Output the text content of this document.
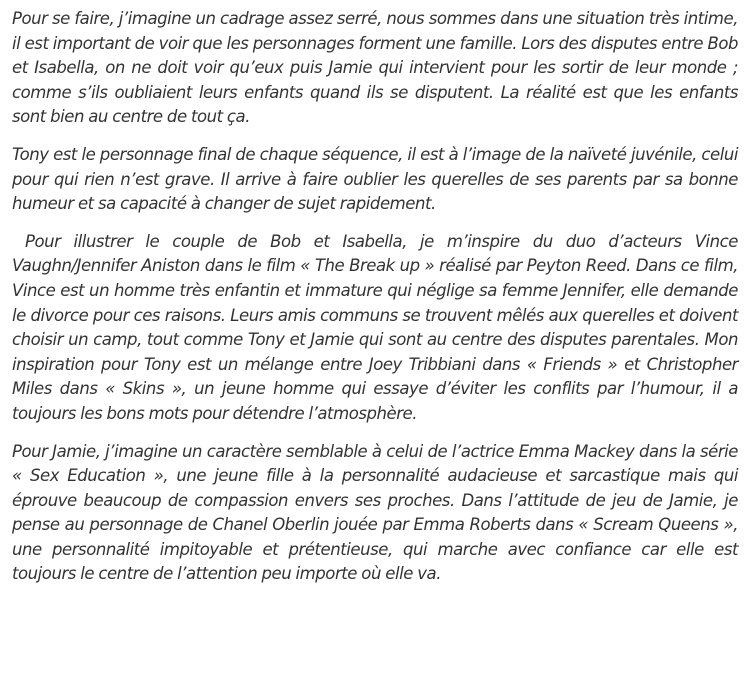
Pour se faire, j’imagine un cadrage assez serré, nous sommes dans une situation très intime, il est important de voir que les personnages forment une famille. Lors des disputes entre Bob et Isabella, on ne doit voir qu’eux puis Jamie qui intervient pour les sortir de leur monde ; comme s’ils oubliaient leurs enfants quand ils se disputent. La réalité est que les enfants sont bien au centre de tout ça.

Tony est le personnage final de chaque séquence, il est à l’image de la naïveté juvénile, celui pour qui rien n’est grave. Il arrive à faire oublier les querelles de ses parents par sa bonne humeur et sa capacité à changer de sujet rapidement.

Pour illustrer le couple de Bob et Isabella, je m’inspire du duo d’acteurs Vince Vaughn/Jennifer Aniston dans le film « The Break up » réalisé par Peyton Reed. Dans ce film, Vince est un homme très enfantin et immature qui néglige sa femme Jennifer, elle demande le divorce pour ces raisons. Leurs amis communs se trouvent mêlés aux querelles et doivent choisir un camp, tout comme Tony et Jamie qui sont au centre des disputes parentales. Mon inspiration pour Tony est un mélange entre Joey Tribbiani dans « Friends » et Christopher Miles dans « Skins », un jeune homme qui essaye d’éviter les conflits par l’humour, il a toujours les bons mots pour détendre l’atmosphère.

Pour Jamie, j’imagine un caractère semblable à celui de l’actrice Emma Mackey dans la série « Sex Education », une jeune fille à la personnalité audacieuse et sarcastique mais qui éprouve beaucoup de compassion envers ses proches. Dans l’attitude de jeu de Jamie, je pense au personnage de Chanel Oberlin jouée par Emma Roberts dans « Scream Queens », une personnalité impitoyable et prétentieuse, qui marche avec confiance car elle est toujours le centre de l’attention peu importe où elle va.
